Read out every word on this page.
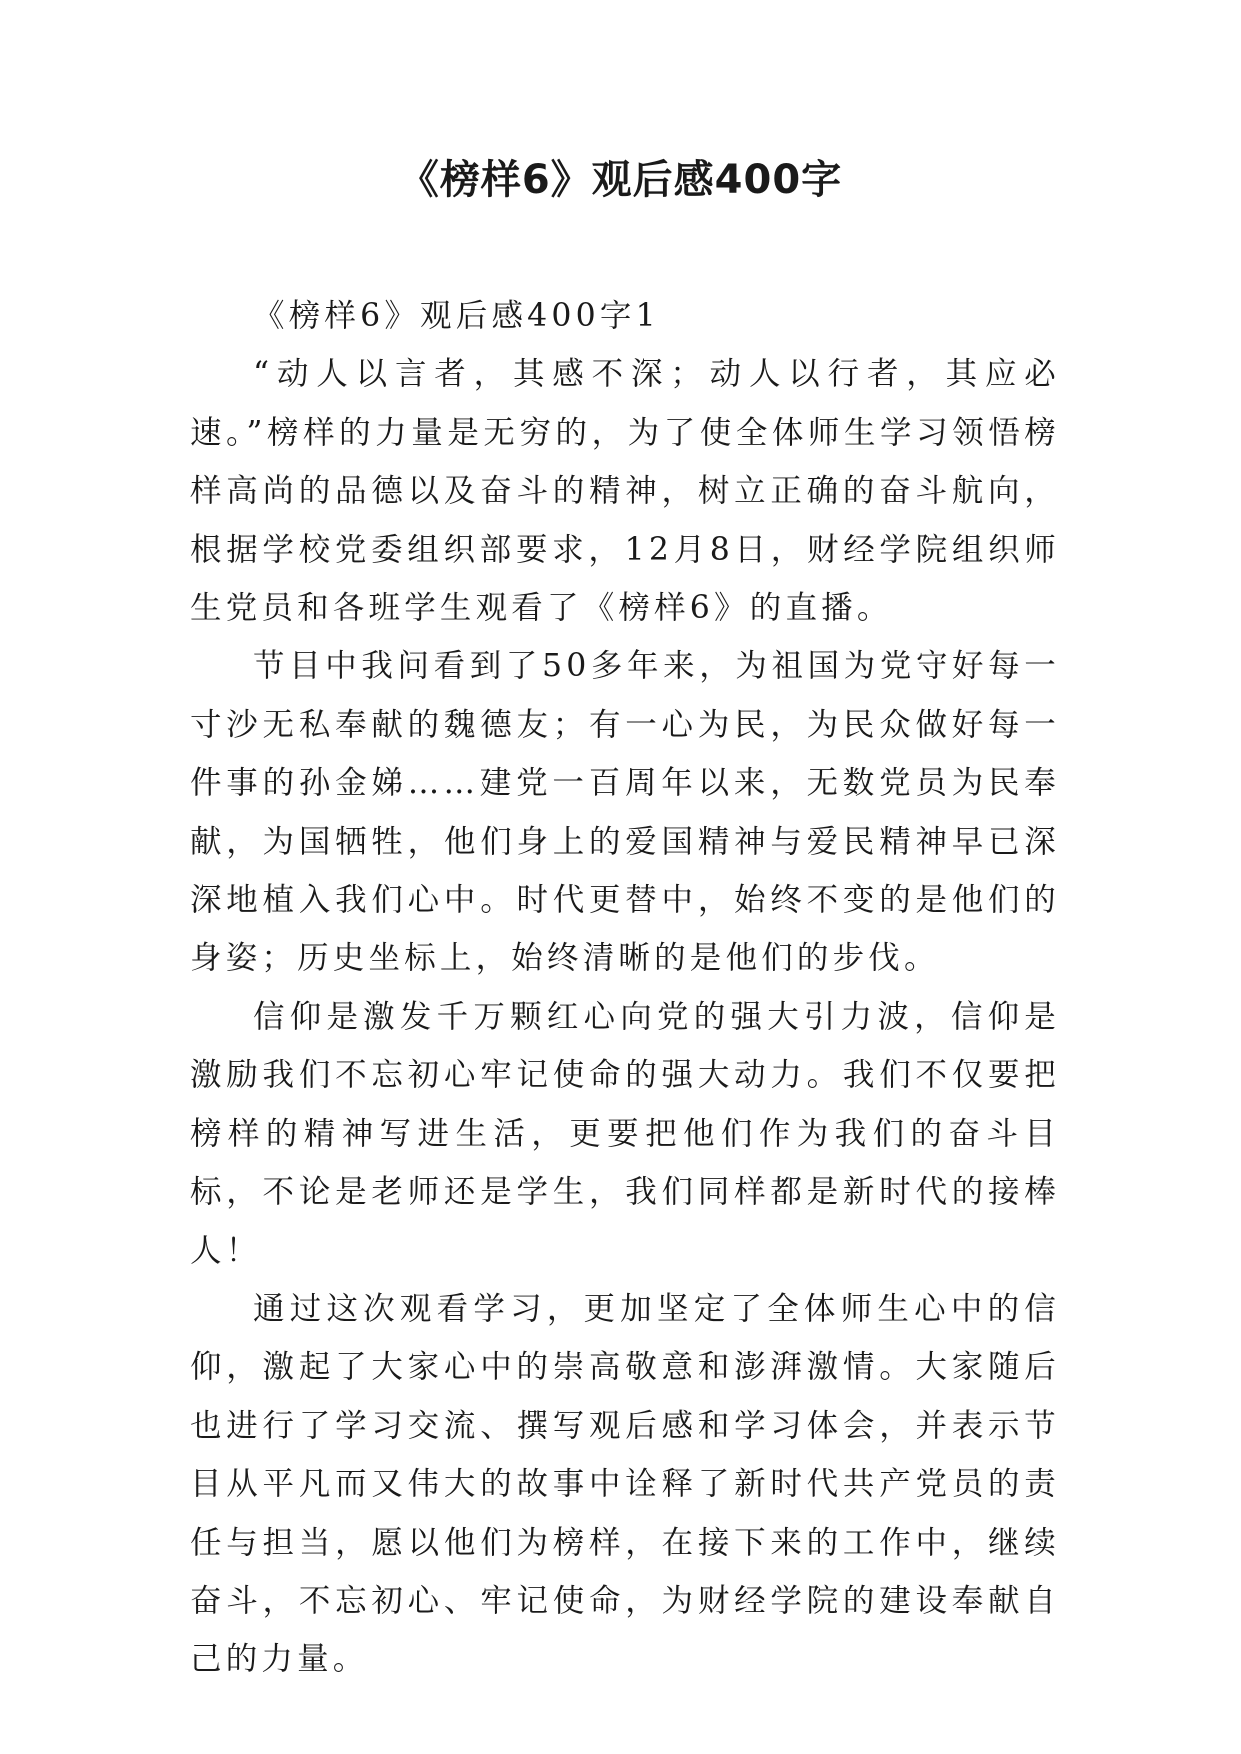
《榜样6》观后感400字

《榜样6》观后感400字1

“动人以言者，其感不深；动人以行者，其应必速。”榜样的力量是无穷的，为了使全体师生学习领悟榜样高尚的品德以及奋斗的精神，树立正确的奋斗航向，根据学校党委组织部要求，12月8日，财经学院组织师生党员和各班学生观看了《榜样6》的直播。

节目中我问看到了50多年来，为祖国为党守好每一寸沙无私奉献的魏德友；有一心为民，为民众做好每一件事的孙金娣……建党一百周年以来，无数党员为民奉献，为国牺牲，他们身上的爱国精神与爱民精神早已深深地植入我们心中。时代更替中，始终不变的是他们的身姿；历史坐标上，始终清晰的是他们的步伐。

信仰是激发千万颗红心向党的强大引力波，信仰是激励我们不忘初心牢记使命的强大动力。我们不仅要把榜样的精神写进生活，更要把他们作为我们的奋斗目标，不论是老师还是学生，我们同样都是新时代的接棒人！

通过这次观看学习，更加坚定了全体师生心中的信仰，激起了大家心中的崇高敬意和澎湃激情。大家随后也进行了学习交流、撰写观后感和学习体会，并表示节目从平凡而又伟大的故事中诠释了新时代共产党员的责任与担当，愿以他们为榜样，在接下来的工作中，继续奋斗，不忘初心、牢记使命，为财经学院的建设奉献自己的力量。
